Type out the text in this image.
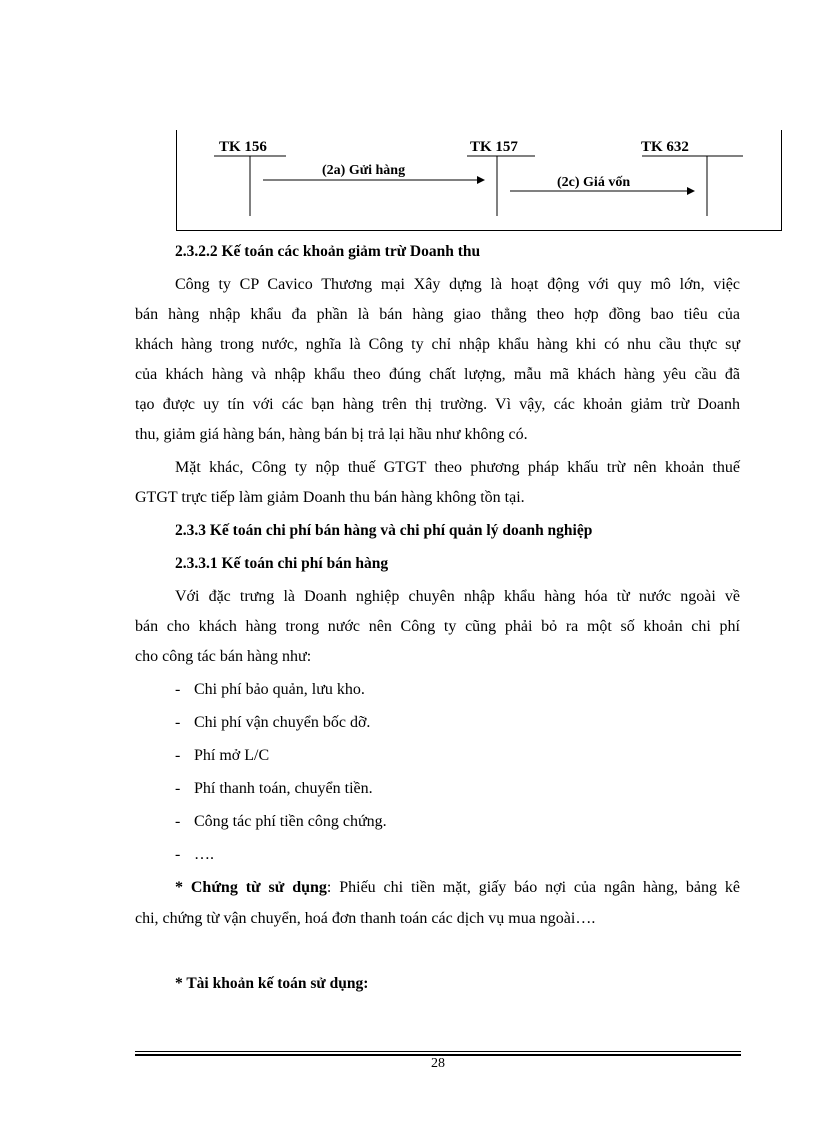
TK 156	TK 157	TK 632
(2a) Gửi hàng
(2c) Giá vốn
2.3.2.2 Kế toán các khoản giảm trừ Doanh thu
Công ty CP Cavico Thương mại Xây dựng là hoạt động với quy mô lớn, việc
bán hàng nhập khẩu đa phần là bán hàng giao thẳng theo hợp đồng bao tiêu của
khách hàng trong nước, nghĩa là Công ty chỉ nhập khẩu hàng khi có nhu cầu thực sự
của khách hàng và nhập khẩu theo đúng chất lượng, mẫu mã khách hàng yêu cầu đã
tạo được uy tín với các bạn hàng trên thị trường. Vì vậy, các khoản giảm trừ Doanh
thu, giảm giá hàng bán, hàng bán bị trả lại hầu như không có.
Mặt khác, Công ty nộp thuế GTGT theo phương pháp khấu trừ nên khoản thuế
GTGT trực tiếp làm giảm Doanh thu bán hàng không tồn tại.
2.3.3 Kế toán chi phí bán hàng và chi phí quản lý doanh nghiệp
2.3.3.1 Kế toán chi phí bán hàng
Với đặc trưng là Doanh nghiệp chuyên nhập khẩu hàng hóa từ nước ngoài về
bán cho khách hàng trong nước nên Công ty cũng phải bỏ ra một số khoản chi phí
cho công tác bán hàng như:
- Chi phí bảo quản, lưu kho.
- Chi phí vận chuyển bốc dỡ.
- Phí mở L/C
- Phí thanh toán, chuyển tiền.
- Công tác phí tiền công chứng.
- ….
* Chứng từ sử dụng: Phiếu chi tiền mặt, giấy báo nợi của ngân hàng, bảng kê
chi, chứng từ vận chuyển, hoá đơn thanh toán các dịch vụ mua ngoài….
* Tài khoản kế toán sử dụng:
28
